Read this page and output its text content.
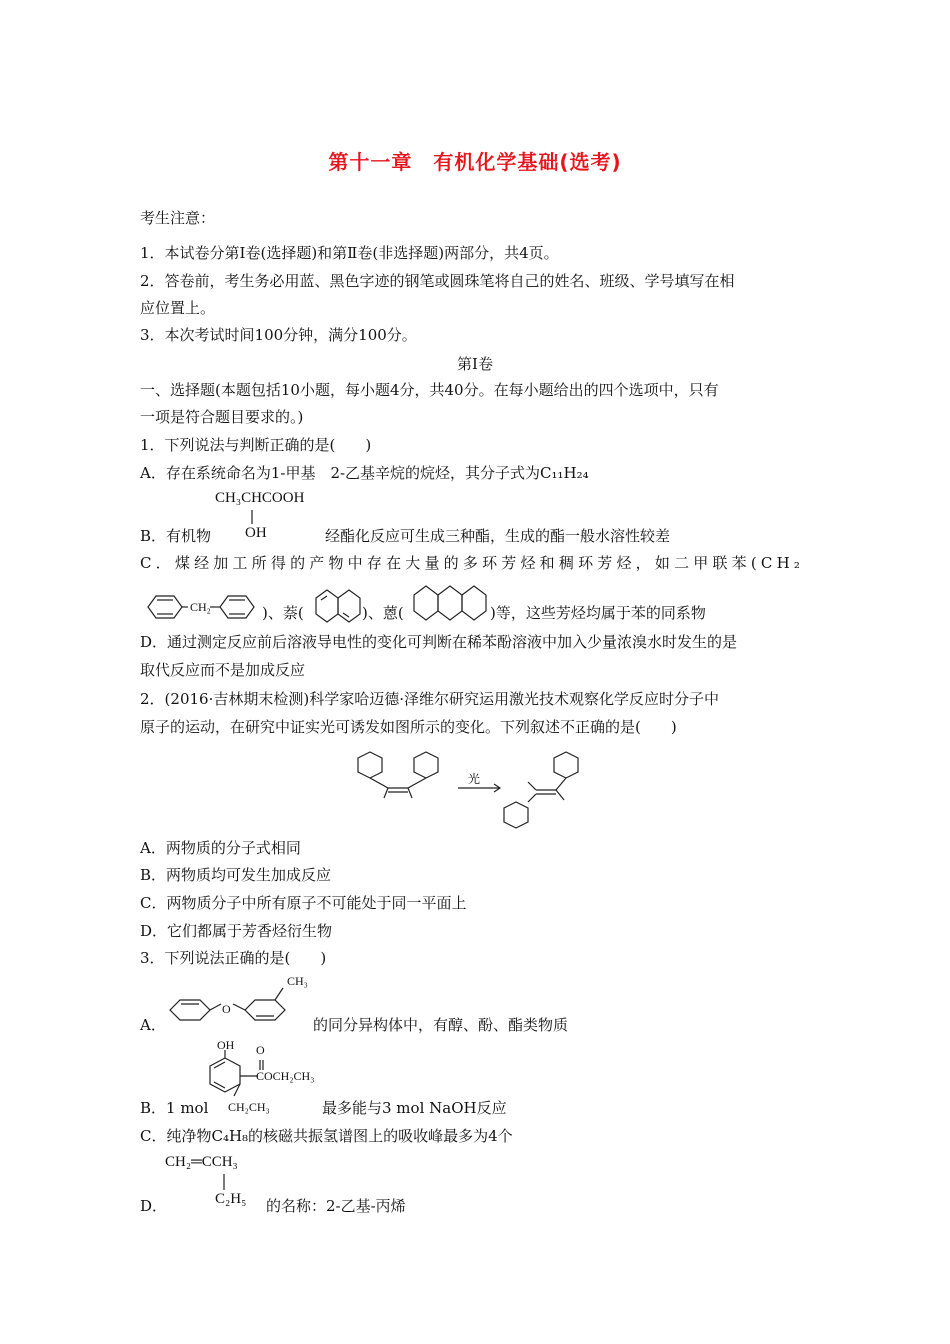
第十一章　有机化学基础(选考)
考生注意：
1．本试卷分第Ⅰ卷(选择题)和第Ⅱ卷(非选择题)两部分，共4页。
2．答卷前，考生务必用蓝、黑色字迹的钢笔或圆珠笔将自己的姓名、班级、学号填写在相
应位置上。
3．本次考试时间100分钟，满分100分。
第Ⅰ卷
一、选择题(本题包括10小题，每小题4分，共40分。在每小题给出的四个选项中，只有
一项是符合题目要求的。)
1．下列说法与判断正确的是(　　)
A．存在系统命名为1-甲基　2-乙基辛烷的烷烃，其分子式为C₁₁H₂₄
CH₃CHCOOH
OH
B．有机物	经酯化反应可生成三种酯，生成的酯一般水溶性较差
C．煤经加工所得的产物中存在大量的多环芳烃和稠环芳烃，如二甲联苯(CH₂
CH₂	)、萘(	)、蒽(	)等，这些芳烃均属于苯的同系物
D．通过测定反应前后溶液导电性的变化可判断在稀苯酚溶液中加入少量浓溴水时发生的是
取代反应而不是加成反应
2．(2016·吉林期末检测)科学家哈迈德·泽维尔研究运用激光技术观察化学反应时分子中
原子的运动，在研究中证实光可诱发如图所示的变化。下列叙述不正确的是(　　)
光
A．两物质的分子式相同
B．两物质均可发生加成反应
C．两物质分子中所有原子不可能处于同一平面上
D．它们都属于芳香烃衍生物
3．下列说法正确的是(　　)
CH₃
O
A．	的同分异构体中，有醇、酚、酯类物质
OH O
COCH₂CH₃
CH₂CH₃
B．1 mol	最多能与3 mol NaOH反应
C．纯净物C₄H₈的核磁共振氢谱图上的吸收峰最多为4个
CH₂═CCH₃
C₂H₅
D．	的名称：2-乙基-丙烯
